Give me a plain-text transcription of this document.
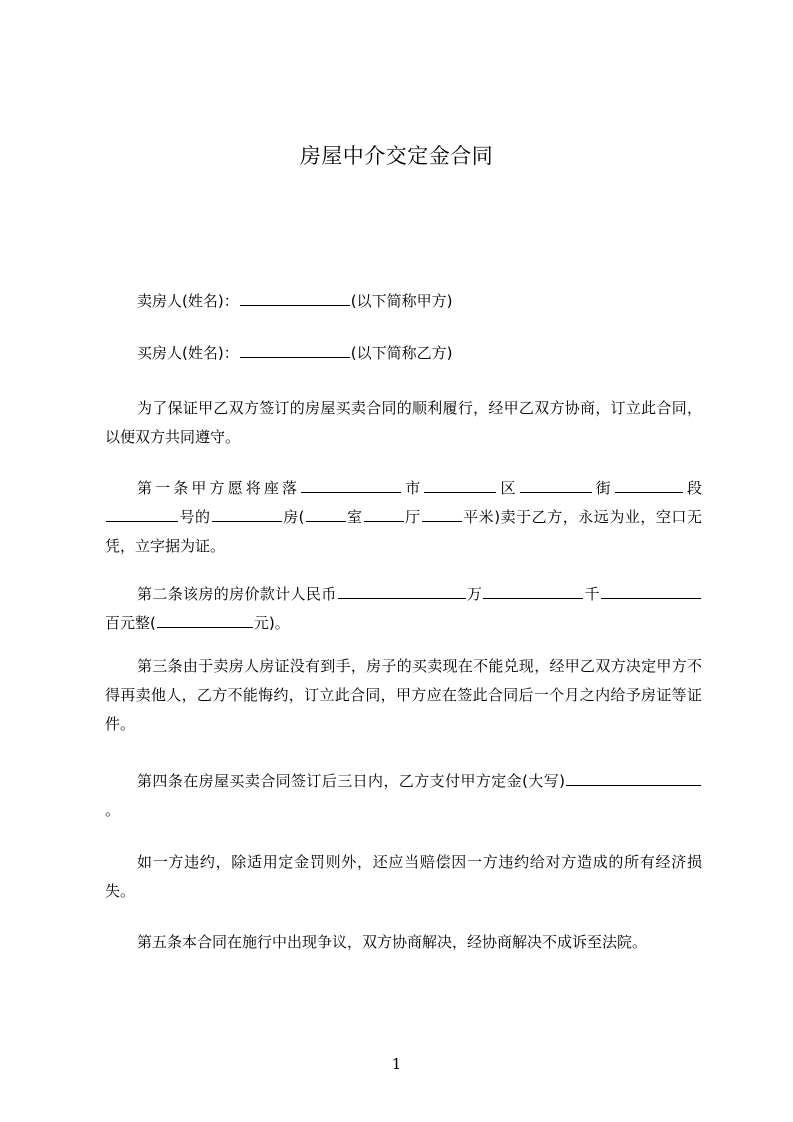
房屋中介交定金合同

卖房人(姓名)：	(以下简称甲方)

买房人(姓名)：	(以下简称乙方)

为了保证甲乙双方签订的房屋买卖合同的顺利履行，经甲乙双方协商，订立此合同，以便双方共同遵守。

第一条甲方愿将座落	市	区	街	段号的	房(	室	厅	平米)卖于乙方，永远为业，空口无凭，立字据为证。

第二条该房的房价款计人民币	万	千百元整(	元)。

第三条由于卖房人房证没有到手，房子的买卖现在不能兑现，经甲乙双方决定甲方不得再卖他人，乙方不能悔约，订立此合同，甲方应在签此合同后一个月之内给予房证等证件。

第四条在房屋买卖合同签订后三日内，乙方支付甲方定金(大写)。

如一方违约，除适用定金罚则外，还应当赔偿因一方违约给对方造成的所有经济损失。

第五条本合同在施行中出现争议，双方协商解决，经协商解决不成诉至法院。

1
